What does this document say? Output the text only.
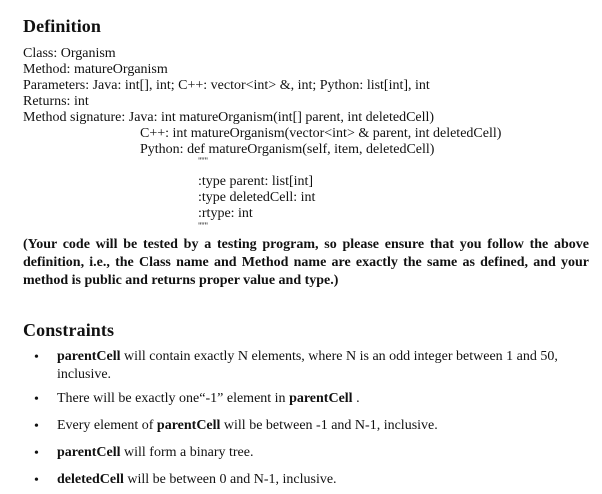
Definition
Class: Organism
Method: matureOrganism
Parameters: Java: int[], int; C++: vector<int> &, int; Python: list[int], int
Returns: int
Method signature: Java: int matureOrganism(int[] parent, int deletedCell)
C++: int matureOrganism(vector<int> & parent, int deletedCell)
Python: def matureOrganism(self, item, deletedCell)
"""
:type parent: list[int]
:type deletedCell: int
:rtype: int
"""
(Your code will be tested by a testing program, so please ensure that you follow the above definition, i.e., the Class name and Method name are exactly the same as defined, and your method is public and returns proper value and type.)
Constraints
•	parentCell will contain exactly N elements, where N is an odd integer between 1 and 50, inclusive.
•	There will be exactly one“-1” element in parentCell .
•	Every element of parentCell will be between -1 and N-1, inclusive.
•	parentCell will form a binary tree.
•	deletedCell will be between 0 and N-1, inclusive.
